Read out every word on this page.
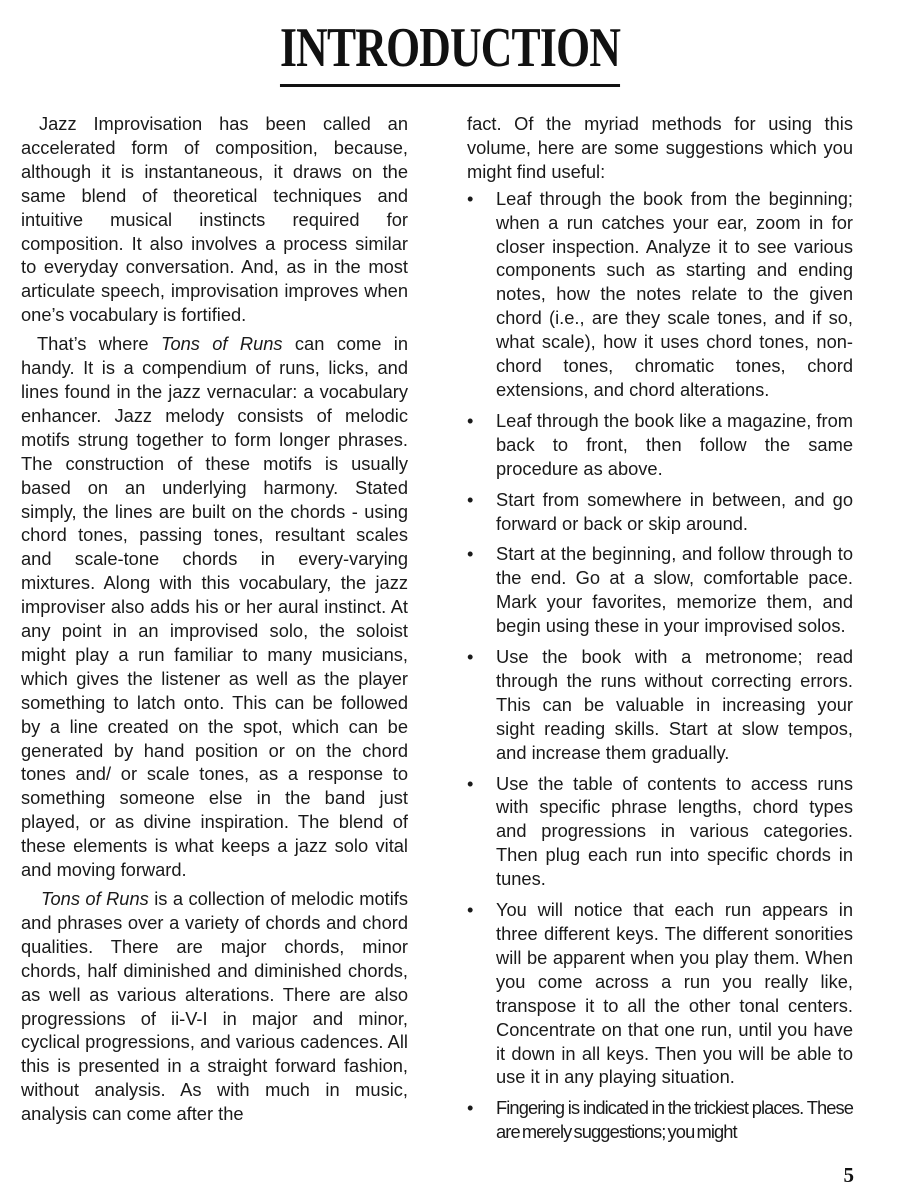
INTRODUCTION

Jazz Improvisation has been called an accelerated form of composition, because, although it is instantaneous, it draws on the same blend of theoretical techniques and intuitive musical instincts required for composition. It also involves a process similar to everyday conversation. And, as in the most articulate speech, improvisation improves when one’s vocabulary is fortified.

That’s where Tons of Runs can come in handy. It is a compendium of runs, licks, and lines found in the jazz vernacular: a vocabulary enhancer. Jazz melody consists of melodic motifs strung together to form longer phrases. The construction of these motifs is usually based on an underlying harmony. Stated simply, the lines are built on the chords - using chord tones, passing tones, resultant scales and scale-tone chords in every-varying mixtures. Along with this vocabulary, the jazz improviser also adds his or her aural instinct. At any point in an improvised solo, the soloist might play a run familiar to many musicians, which gives the listener as well as the player something to latch onto. This can be followed by a line created on the spot, which can be generated by hand position or on the chord tones and/ or scale tones, as a response to something someone else in the band just played, or as divine inspiration. The blend of these elements is what keeps a jazz solo vital and moving forward.

Tons of Runs is a collection of melodic motifs and phrases over a variety of chords and chord qualities. There are major chords, minor chords, half diminished and diminished chords, as well as various alterations. There are also progressions of ii-V-I in major and minor, cyclical progressions, and various cadences. All this is presented in a straight forward fashion, without analysis. As with much in music, analysis can come after the

fact. Of the myriad methods for using this volume, here are some suggestions which you might find useful:

•	Leaf through the book from the beginning; when a run catches your ear, zoom in for closer inspection. Analyze it to see various components such as starting and ending notes, how the notes relate to the given chord (i.e., are they scale tones, and if so, what scale), how it uses chord tones, non-chord tones, chromatic tones, chord extensions, and chord alterations.
•	Leaf through the book like a magazine, from back to front, then follow the same procedure as above.
•	Start from somewhere in between, and go forward or back or skip around.
•	Start at the beginning, and follow through to the end. Go at a slow, comfortable pace. Mark your favorites, memorize them, and begin using these in your improvised solos.
•	Use the book with a metronome; read through the runs without correcting errors. This can be valuable in increasing your sight reading skills. Start at slow tempos, and increase them gradually.
•	Use the table of contents to access runs with specific phrase lengths, chord types and progressions in various categories. Then plug each run into specific chords in tunes.
•	You will notice that each run appears in three different keys. The different sonorities will be apparent when you play them. When you come across a run you really like, transpose it to all the other tonal centers. Concentrate on that one run, until you have it down in all keys. Then you will be able to use it in any playing situation.
•	Fingering is indicated in the trickiest places. These are merely suggestions; you might
5
